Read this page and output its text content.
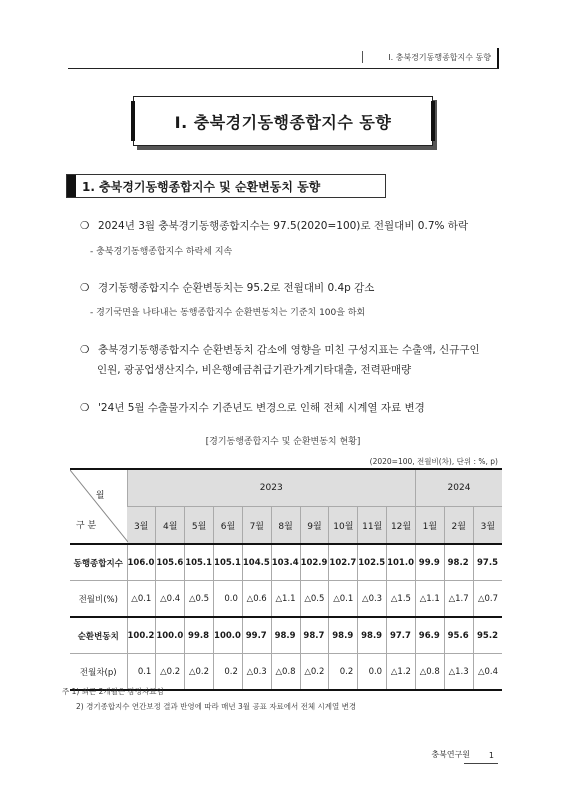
Ⅰ. 충북경기동행종합지수 동향
Ⅰ. 충북경기동행종합지수 동향
1. 충북경기동행종합지수 및 순환변동치 동향
❍ 2024년 3월 충북경기동행종합지수는 97.5(2020=100)로 전월대비 0.7% 하락
- 충북경기동행종합지수 하락세 지속
❍ 경기동행종합지수 순환변동치는 95.2로 전월대비 0.4p 감소
- 경기국면을 나타내는 동행종합지수 순환변동치는 기준치 100을 하회
❍ 충북경기동행종합지수 순환변동치 감소에 영향을 미친 구성지표는 수출액, 신규구인
인원, 광공업생산지수, 비은행예금취급기관가계기타대출, 전력판매량
❍ '24년 5월 수출물가지수 기준년도 변경으로 인해 전체 시계열 자료 변경
[경기동행종합지수 및 순환변동치 현황]
(2020=100, 전월비(차), 단위 : %, p)
월
구 분	2023										2024		
	3월	4월	5월	6월	7월	8월	9월	10월	11월	12월	1월	2월	3월
동행종합지수	106.0	105.6	105.1	105.1	104.5	103.4	102.9	102.7	102.5	101.0	99.9	98.2	97.5
전월비(%)	△0.1	△0.4	△0.5	0.0	△0.6	△1.1	△0.5	△0.1	△0.3	△1.5	△1.1	△1.7	△0.7
순환변동치	100.2	100.0	99.8	100.0	99.7	98.9	98.7	98.9	98.9	97.7	96.9	95.6	95.2
전월차(p)	0.1	△0.2	△0.2	0.2	△0.3	△0.8	△0.2	0.2	0.0	△1.2	△0.8	△1.3	△0.4
주 1) 최근 2개월은 잠정자료임
2) 경기종합지수 연간보정 결과 반영에 따라 매년 3월 공표 자료에서 전체 시계열 변경
충북연구원 1
